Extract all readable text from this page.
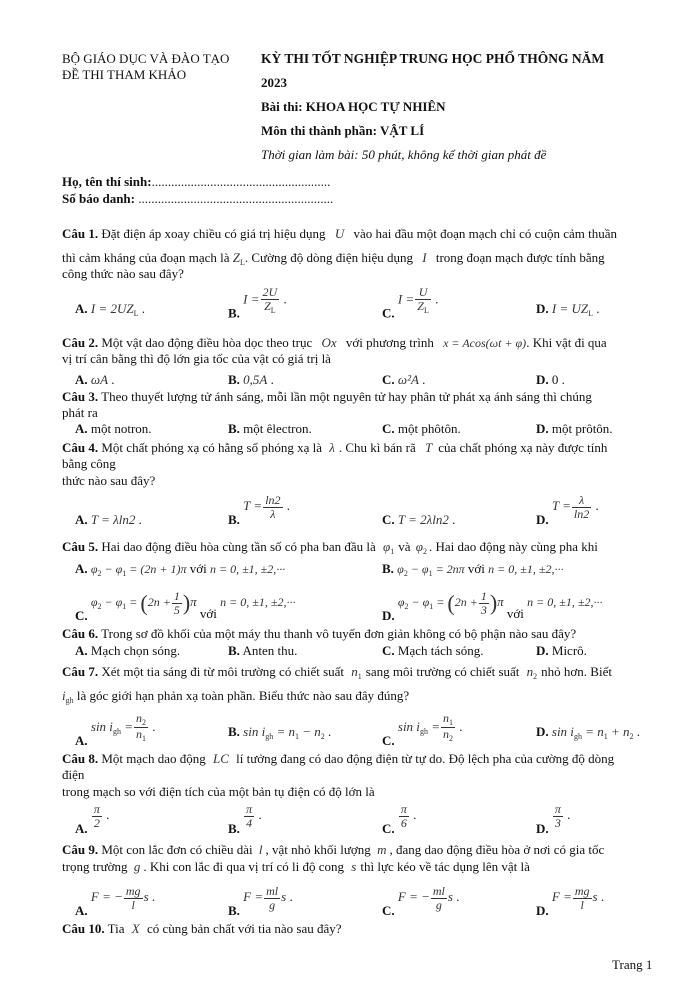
BỘ GIÁO DỤC VÀ ĐÀO TẠO
ĐỀ THI THAM KHẢO
KỲ THI TỐT NGHIỆP TRUNG HỌC PHỔ THÔNG NĂM
2023
Bài thi: KHOA HỌC TỰ NHIÊN
Môn thi thành phần: VẬT LÍ
Thời gian làm bài: 50 phút, không kể thời gian phát đề
Họ, tên thí sinh:.......................................................
Số báo danh: ............................................................
Câu 1. Đặt điện áp xoay chiều có giá trị hiệu dụng U vào hai đầu một đoạn mạch chỉ có cuộn cảm thuần
thì cảm kháng của đoạn mạch là $Z_L$. Cường độ dòng điện hiệu dụng I trong đoạn mạch được tính bằng
công thức nào sau đây?
A. $I = 2UZ_L$ .	B. $I = \frac{2U}{Z_L}$ .
C. $I = \frac{U}{Z_L}$ .
D. $I = UZ_L$ .
Câu 2. Một vật dao động điều hòa dọc theo trục Ox với phương trình x = Acos(ωt + φ). Khi vật đi qua
vị trí cân bằng thì độ lớn gia tốc của vật có giá trị là
A. ωA .	B. 0,5A .	C. ω²A .	D. 0 .
Câu 3. Theo thuyết lượng tử ánh sáng, mỗi lần một nguyên tử hay phân tử phát xạ ánh sáng thì chúng
phát ra
A. một notron.	B. một êlectron.	C. một phôtôn.	D. một prôtôn.
Câu 4. Một chất phóng xạ có hằng số phóng xạ là λ . Chu kì bán rã T của chất phóng xạ này được tính
bằng công
thức nào sau đây?
A. T = λln2 .	B. $T = \frac{\ln 2}{\lambda}$ .
C. T = 2λln2 .	D. $T = \frac{\lambda}{\ln 2}$ .
Câu 5. Hai dao động điều hòa cùng tần số có pha ban đầu là $\varphi_1$ và $\varphi_2$ . Hai dao động này cùng pha khi
A. $\varphi_2 - \varphi_1 = (2n + 1)\pi$ với n = 0, ±1, ±2,···	B. $\varphi_2 - \varphi_1 = 2n\pi$ với n = 0, ±1, ±2,···
C. $\varphi_2 - \varphi_1 = (2n + \frac{1}{5} )\pi$ với n = 0, ±1, ±2,···
D. $\varphi_2 - \varphi_1 = (2n + \frac{1}{3} )\pi$ với n = 0, ±1, ±2,···
Câu 6. Trong sơ đồ khối của một máy thu thanh vô tuyến đơn giản không có bộ phận nào sau đây?
A. Mạch chọn sóng.	B. Anten thu.	C. Mạch tách sóng.	D. Micrô.
Câu 7. Xét một tia sáng đi từ môi trường có chiết suất $n_1$ sang môi trường có chiết suất $n_2$ nhỏ hơn. Biết
$i_{gh}$ là góc giới hạn phản xạ toàn phần. Biểu thức nào sau đây đúng?
A. $\sin i_{gh} = \frac{n_2}{n_1}$ .	B. $\sin i_{gh} = n_1 - n_2$ .
C. $\sin i_{gh} = \frac{n_1}{n_2}$ .	D. $\sin i_{gh} = n_1 + n_2$ .
Câu 8. Một mạch dao động LC lí tưởng đang có dao động điện từ tự do. Độ lệch pha của cường độ dòng
điện
trong mạch so với điện tích của một bản tụ điện có độ lớn là
A. $\frac{\pi}{2}$ .
B. $\frac{\pi}{4}$ .
C. $\frac{\pi}{6}$ .
D. $\frac{\pi}{3}$ .
Câu 9. Một con lắc đơn có chiều dài l , vật nhỏ khối lượng m , đang dao động điều hòa ở nơi có gia tốc
trọng trường g . Khi con lắc đi qua vị trí có li độ cong s thì lực kéo về tác dụng lên vật là
A. F = − $\frac{mg}{l}$ s .
B. $F = \frac{ml}{g}$ s .
C. F = − $\frac{ml}{g}$ s .
D. $F = \frac{mg}{l}$ s .
Câu 10. Tia X có cùng bản chất với tia nào sau đây?
Trang 1
